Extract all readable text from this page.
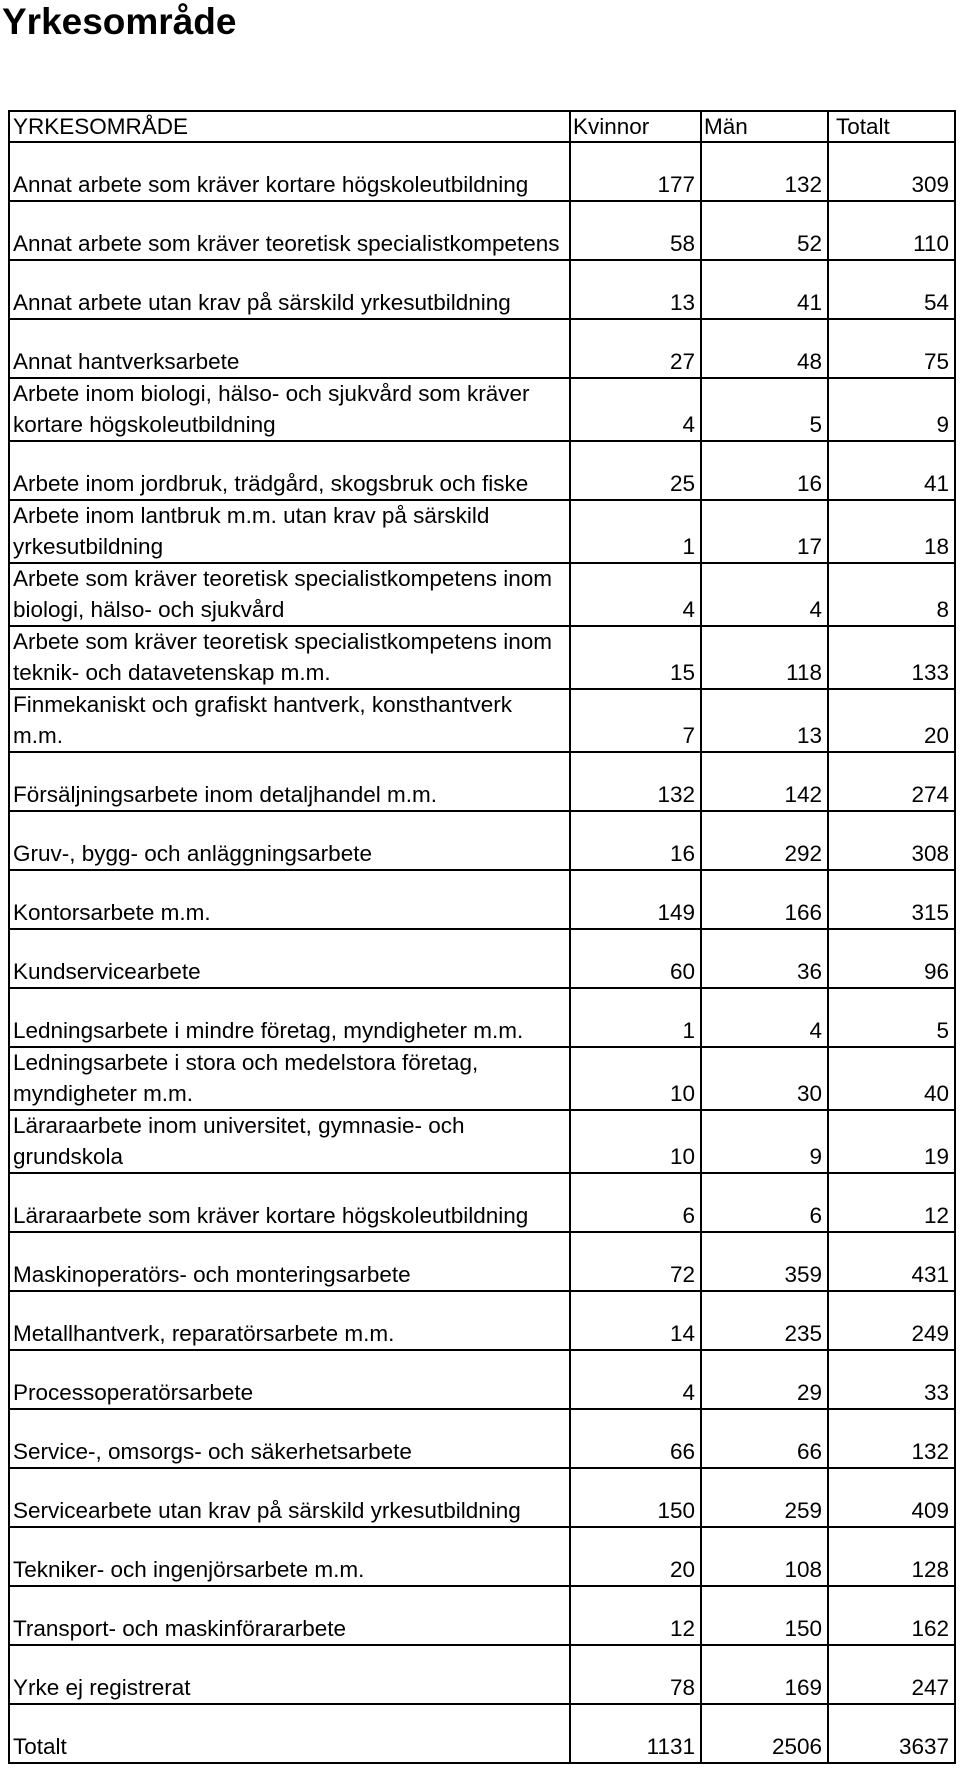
Yrkesområde
YRKESOMRÅDE	Kvinnor	Män	Totalt
Annat arbete som kräver kortare högskoleutbildning	177	132	309
Annat arbete som kräver teoretisk specialistkompetens	58	52	110
Annat arbete utan krav på särskild yrkesutbildning	13	41	54
Annat hantverksarbete	27	48	75
Arbete inom biologi, hälso- och sjukvård som kräver kortare högskoleutbildning	4	5	9
Arbete inom jordbruk, trädgård, skogsbruk och fiske	25	16	41
Arbete inom lantbruk m.m. utan krav på särskild yrkesutbildning	1	17	18
Arbete som kräver teoretisk specialistkompetens inom biologi, hälso- och sjukvård	4	4	8
Arbete som kräver teoretisk specialistkompetens inom teknik- och datavetenskap m.m.	15	118	133
Finmekaniskt och grafiskt hantverk, konsthantverk m.m.	7	13	20
Försäljningsarbete inom detaljhandel m.m.	132	142	274
Gruv-, bygg- och anläggningsarbete	16	292	308
Kontorsarbete m.m.	149	166	315
Kundservicearbete	60	36	96
Ledningsarbete i mindre företag, myndigheter m.m.	1	4	5
Ledningsarbete i stora och medelstora företag, myndigheter m.m.	10	30	40
Läraraarbete inom universitet, gymnasie- och grundskola	10	9	19
Läraraarbete som kräver kortare högskoleutbildning	6	6	12
Maskinoperatörs- och monteringsarbete	72	359	431
Metallhantverk, reparatörsarbete m.m.	14	235	249
Processoperatörsarbete	4	29	33
Service-, omsorgs- och säkerhetsarbete	66	66	132
Servicearbete utan krav på särskild yrkesutbildning	150	259	409
Tekniker- och ingenjörsarbete m.m.	20	108	128
Transport- och maskinförararbete	12	150	162
Yrke ej registrerat	78	169	247
Totalt	1131	2506	3637
